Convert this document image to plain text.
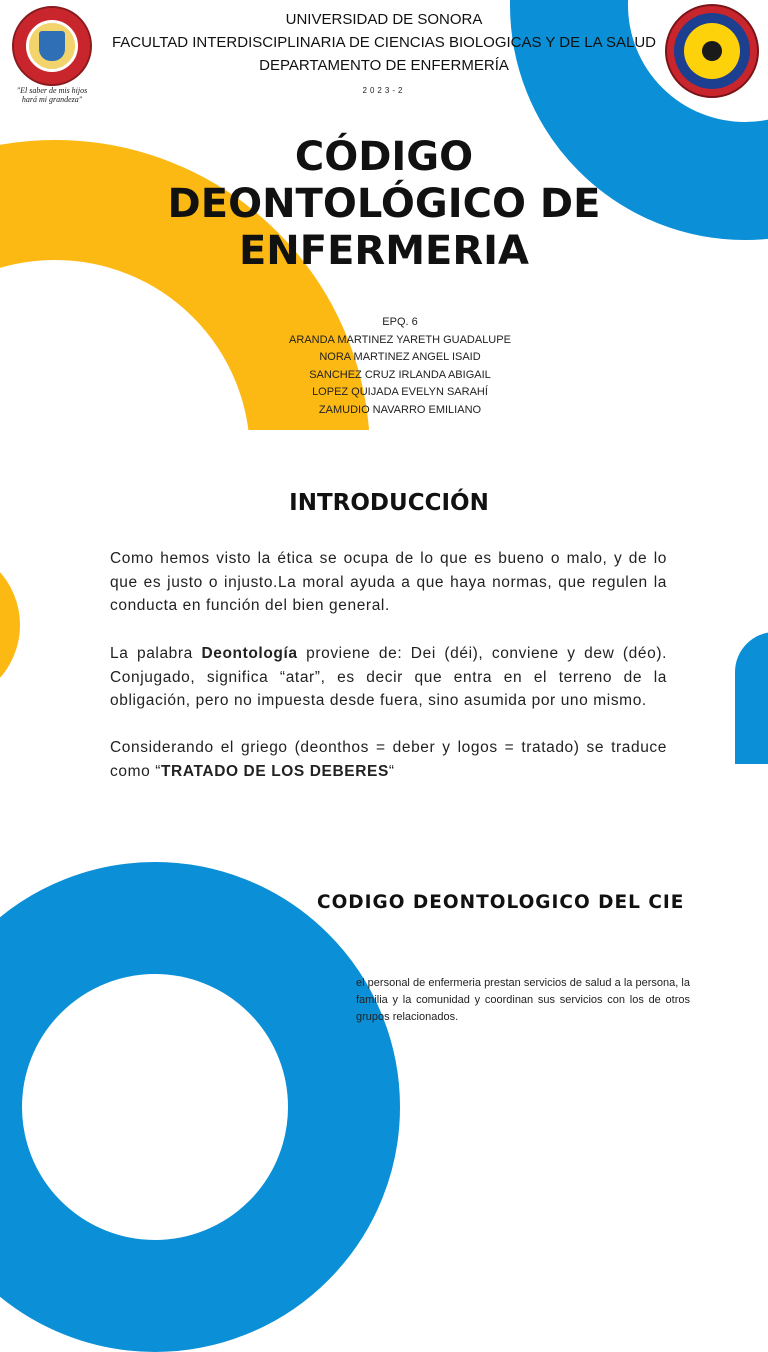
"El saber de mis hijos
hará mi grandeza"
UNIVERSIDAD DE SONORA
FACULTAD INTERDISCIPLINARIA DE CIENCIAS BIOLOGICAS Y DE LA SALUD
DEPARTAMENTO DE ENFERMERÍA
2023-2
CÓDIGO
DEONTOLÓGICO DE
ENFERMERIA
EPQ. 6
ARANDA MARTINEZ YARETH GUADALUPE
NORA MARTINEZ ANGEL ISAID
SANCHEZ CRUZ IRLANDA ABIGAIL
LOPEZ QUIJADA EVELYN SARAHÍ
ZAMUDIO NAVARRO EMILIANO
INTRODUCCIÓN
Como hemos visto la ética se ocupa de lo que es bueno o malo, y de lo que es justo o injusto.La moral ayuda a que haya normas, que regulen la conducta en función del bien general.
La palabra Deontología proviene de: Dei (déi), conviene y dew (déo). Conjugado, significa “atar”, es decir que entra en el terreno de la obligación, pero no impuesta desde fuera, sino asumida por uno mismo.
Considerando el griego (deonthos = deber y logos = tratado) se traduce como “TRATADO DE LOS DEBERES“
CODIGO DEONTOLOGICO DEL CIE
el personal de enfermeria prestan servicios de salud a la persona, la familia y la comunidad y coordinan sus servicios con los de otros grupos relacionados.
